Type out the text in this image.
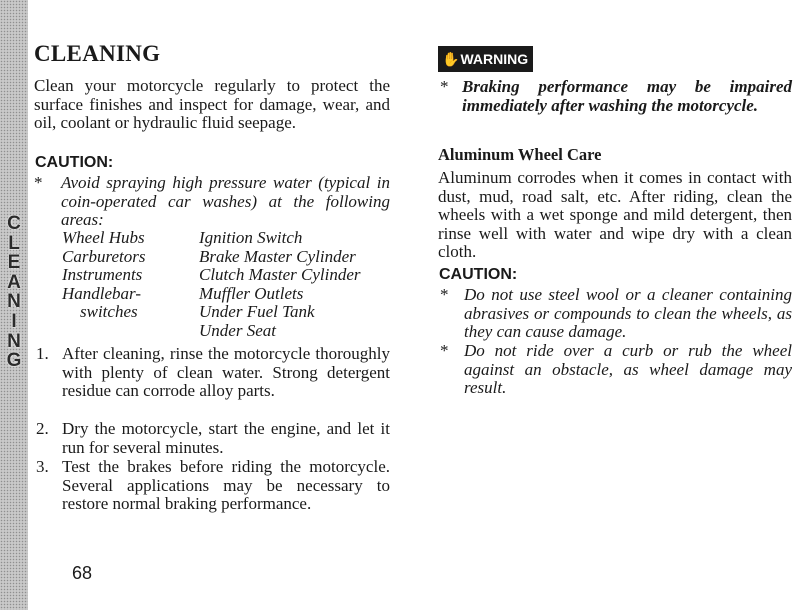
C
L
E
A
N
I
N
G
CLEANING

Clean your motorcycle regularly to protect the surface finishes and inspect for damage, wear, and oil, coolant or hydraulic fluid seepage.

CAUTION:
* Avoid spraying high pressure water (typical in coin-operated car washes) at the following areas:
Wheel Hubs
Carburetors
Instruments
Handlebar-
switches
Ignition Switch
Brake Master Cylinder
Clutch Master Cylinder
Muffler Outlets
Under Fuel Tank
Under Seat
1. After cleaning, rinse the motorcycle thoroughly with plenty of clean water. Strong detergent residue can corrode alloy parts.
2. Dry the motorcycle, start the engine, and let it run for several minutes.
3. Test the brakes before riding the motorcycle. Several applications may be necessary to restore normal braking performance.
68
✋ WARNING
* Braking performance may be impaired immediately after washing the motorcycle.
Aluminum Wheel Care

Aluminum corrodes when it comes in contact with dust, mud, road salt, etc. After riding, clean the wheels with a wet sponge and mild detergent, then rinse well with water and wipe dry with a clean cloth.

CAUTION:
* Do not use steel wool or a cleaner containing abrasives or compounds to clean the wheels, as they can cause damage.
* Do not ride over a curb or rub the wheel against an obstacle, as wheel damage may result.
